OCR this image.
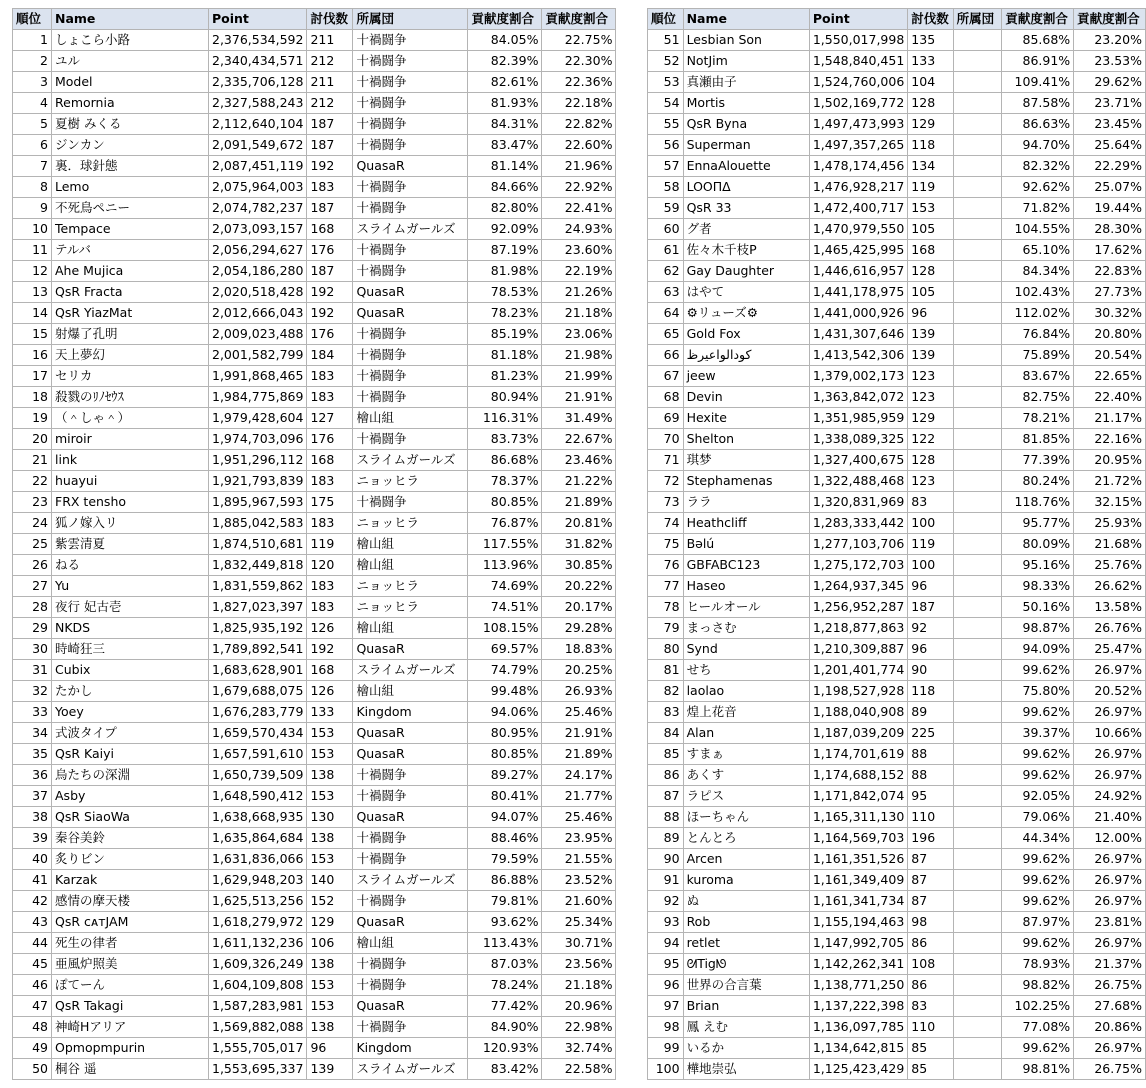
順位	Name	Point	討伐数	所属団	貢献度割合	貢献度割合
1	しょこら小路	2,376,534,592	211	十禍闘争	84.05%	22.75%
2	ユル	2,340,434,571	212	十禍闘争	82.39%	22.30%
3	Model	2,335,706,128	211	十禍闘争	82.61%	22.36%
4	Remornia	2,327,588,243	212	十禍闘争	81.93%	22.18%
5	夏樹 みくる	2,112,640,104	187	十禍闘争	84.31%	22.82%
6	ジンカン	2,091,549,672	187	十禍闘争	83.47%	22.60%
7	裏．球針態	2,087,451,119	192	QuasaR	81.14%	21.96%
8	Lemo	2,075,964,003	183	十禍闘争	84.66%	22.92%
9	不死鳥ペニー	2,074,782,237	187	十禍闘争	82.80%	22.41%
10	Tempace	2,073,093,157	168	スライムガールズ	92.09%	24.93%
11	テルバ	2,056,294,627	176	十禍闘争	87.19%	23.60%
12	Ahe Mujica	2,054,186,280	187	十禍闘争	81.98%	22.19%
13	QsR Fracta	2,020,518,428	192	QuasaR	78.53%	21.26%
14	QsR YiazMat	2,012,666,043	192	QuasaR	78.23%	21.18%
15	射爆了孔明	2,009,023,488	176	十禍闘争	85.19%	23.06%
16	天上夢幻	2,001,582,799	184	十禍闘争	81.18%	21.98%
17	セリカ	1,991,868,465	183	十禍闘争	81.23%	21.99%
18	殺戮のﾘﾉｾｳｽ	1,984,775,869	183	十禍闘争	80.94%	21.91%
19	（＾しゃ＾）	1,979,428,604	127	檜山組	116.31%	31.49%
20	miroir	1,974,703,096	176	十禍闘争	83.73%	22.67%
21	link	1,951,296,112	168	スライムガールズ	86.68%	23.46%
22	huayui	1,921,793,839	183	ニョッヒラ	78.37%	21.22%
23	FRX tensho	1,895,967,593	175	十禍闘争	80.85%	21.89%
24	狐ノ嫁入リ	1,885,042,583	183	ニョッヒラ	76.87%	20.81%
25	紫雲清夏	1,874,510,681	119	檜山組	117.55%	31.82%
26	ねる	1,832,449,818	120	檜山組	113.96%	30.85%
27	Yu	1,831,559,862	183	ニョッヒラ	74.69%	20.22%
28	夜行 妃古壱	1,827,023,397	183	ニョッヒラ	74.51%	20.17%
29	NKDS	1,825,935,192	126	檜山組	108.15%	29.28%
30	時崎狂三	1,789,892,541	192	QuasaR	69.57%	18.83%
31	Cubix	1,683,628,901	168	スライムガールズ	74.79%	20.25%
32	たかし	1,679,688,075	126	檜山組	99.48%	26.93%
33	Yoey	1,676,283,779	133	Kingdom	94.06%	25.46%
34	式波タイプ	1,659,570,434	153	QuasaR	80.95%	21.91%
35	QsR Kaiyi	1,657,591,610	153	QuasaR	80.85%	21.89%
36	烏たちの深淵	1,650,739,509	138	十禍闘争	89.27%	24.17%
37	Asby	1,648,590,412	153	十禍闘争	80.41%	21.77%
38	QsR SiaoWa	1,638,668,935	130	QuasaR	94.07%	25.46%
39	秦谷美鈴	1,635,864,684	138	十禍闘争	88.46%	23.95%
40	炙りビン	1,631,836,066	153	十禍闘争	79.59%	21.55%
41	Karzak	1,629,948,203	140	スライムガールズ	86.88%	23.52%
42	感情の摩天楼	1,625,513,256	152	十禍闘争	79.81%	21.60%
43	QsR ᴄᴀᴛJAM	1,618,279,972	129	QuasaR	93.62%	25.34%
44	死生の律者	1,611,132,236	106	檜山組	113.43%	30.71%
45	亜風炉照美	1,609,326,249	138	十禍闘争	87.03%	23.56%
46	ぽてーん	1,604,109,808	153	十禍闘争	78.24%	21.18%
47	QsR Takagi	1,587,283,981	153	QuasaR	77.42%	20.96%
48	神崎Hアリア	1,569,882,088	138	十禍闘争	84.90%	22.98%
49	Opmopmpurin	1,555,705,017	96	Kingdom	120.93%	32.74%
50	桐谷 遥	1,553,695,337	139	スライムガールズ	83.42%	22.58%
順位	Name	Point	討伐数	所属団	貢献度割合	貢献度割合
51	Lesbian Son	1,550,017,998	135		85.68%	23.20%
52	NotJim	1,548,840,451	133		86.91%	23.53%
53	真瀬由子	1,524,760,006	104		109.41%	29.62%
54	Mortis	1,502,169,772	128		87.58%	23.71%
55	QsR Byna	1,497,473,993	129		86.63%	23.45%
56	Superman	1,497,357,265	118		94.70%	25.64%
57	EnnaAlouette	1,478,174,456	134		82.32%	22.29%
58	LOOΠΔ	1,476,928,217	119		92.62%	25.07%
59	QsR 33	1,472,400,717	153		71.82%	19.44%
60	グ者	1,470,979,550	105		104.55%	28.30%
61	佐々木千枝P	1,465,425,995	168		65.10%	17.62%
62	Gay Daughter	1,446,616,957	128		84.34%	22.83%
63	はやて	1,441,178,975	105		102.43%	27.73%
64	⚙リューズ⚙	1,441,000,926	96		112.02%	30.32%
65	Gold Fox	1,431,307,646	139		76.84%	20.80%
66	كودالواعيرظ	1,413,542,306	139		75.89%	20.54%
67	jeew	1,379,002,173	123		83.67%	22.65%
68	Devin	1,363,842,072	123		82.75%	22.40%
69	Hexite	1,351,985,959	129		78.21%	21.17%
70	Shelton	1,338,089,325	122		81.85%	22.16%
71	琪梦	1,327,400,675	128		77.39%	20.95%
72	Stephamenas	1,322,488,468	123		80.24%	21.72%
73	ララ	1,320,831,969	83		118.76%	32.15%
74	Heathcliff	1,283,333,442	100		95.77%	25.93%
75	Bəlú	1,277,103,706	119		80.09%	21.68%
76	GBFABC123	1,275,172,703	100		95.16%	25.76%
77	Haseo	1,264,937,345	96		98.33%	26.62%
78	ヒールオール	1,256,952,287	187		50.16%	13.58%
79	まっさむ	1,218,877,863	92		98.87%	26.76%
80	Synd	1,210,309,887	96		94.09%	25.47%
81	せち	1,201,401,774	90		99.62%	26.97%
82	laolao	1,198,527,928	118		75.80%	20.52%
83	煌上花音	1,188,040,908	89		99.62%	26.97%
84	Alan	1,187,039,209	225		39.37%	10.66%
85	すまぁ	1,174,701,619	88		99.62%	26.97%
86	あくす	1,174,688,152	88		99.62%	26.97%
87	ラピス	1,171,842,074	95		92.05%	24.92%
88	ほーちゃん	1,165,311,130	110		79.06%	21.40%
89	とんとろ	1,164,569,703	196		44.34%	12.00%
90	Arcen	1,161,351,526	87		99.62%	26.97%
91	kuroma	1,161,349,409	87		99.62%	26.97%
92	ぬ	1,161,341,734	87		99.62%	26.97%
93	Rob	1,155,194,463	98		87.97%	23.81%
94	retlet	1,147,992,705	86		99.62%	26.97%
95	ᘛTigᘚ	1,142,262,341	108		78.93%	21.37%
96	世界の合言葉	1,138,771,250	86		98.82%	26.75%
97	Brian	1,137,222,398	83		102.25%	27.68%
98	鳳 えむ	1,136,097,785	110		77.08%	20.86%
99	いるか	1,134,642,815	85		99.62%	26.97%
100	樺地崇弘	1,125,423,429	85		98.81%	26.75%
